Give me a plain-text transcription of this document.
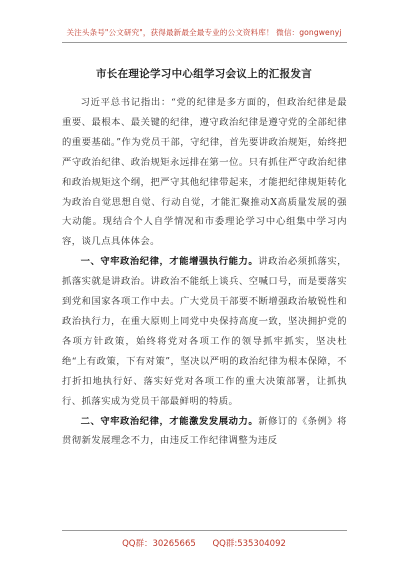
关注头条号"公文研究"，获得最新最全最专业的公文资料库！ 微信：gongwenyj
市长在理论学习中心组学习会议上的汇报发言

习近平总书记指出：“党的纪律是多方面的，但政治纪律是最重要、最根本、最关键的纪律，遵守政治纪律是遵守党的全部纪律的重要基础。”作为党员干部，守纪律，首先要讲政治规矩，始终把严守政治纪律、政治规矩永远排在第一位。只有抓住严守政治纪律和政治规矩这个纲，把严守其他纪律带起来，才能把纪律规矩转化为政治自觉思想自觉、行动自觉，才能汇聚推动X高质量发展的强大动能。现结合个人自学情况和市委理论学习中心组集中学习内容，谈几点具体体会。

一、守牢政治纪律，才能增强执行能力。讲政治必须抓落实，抓落实就是讲政治。讲政治不能纸上谈兵、空喊口号，而是要落实到党和国家各项工作中去。广大党员干部要不断增强政治敏锐性和政治执行力，在重大原则上同党中央保持高度一致，坚决拥护党的各项方针政策，始终将党对各项工作的领导抓牢抓实，坚决杜绝“上有政策，下有对策”，坚决以严明的政治纪律为根本保障，不打折扣地执行好、落实好党对各项工作的重大决策部署，让抓执行、抓落实成为党员干部最鲜明的特质。

二、守牢政治纪律，才能激发发展动力。新修订的《条例》将贯彻新发展理念不力，由违反工作纪律调整为违反

QQ群：30265665 QQ群:535304092
